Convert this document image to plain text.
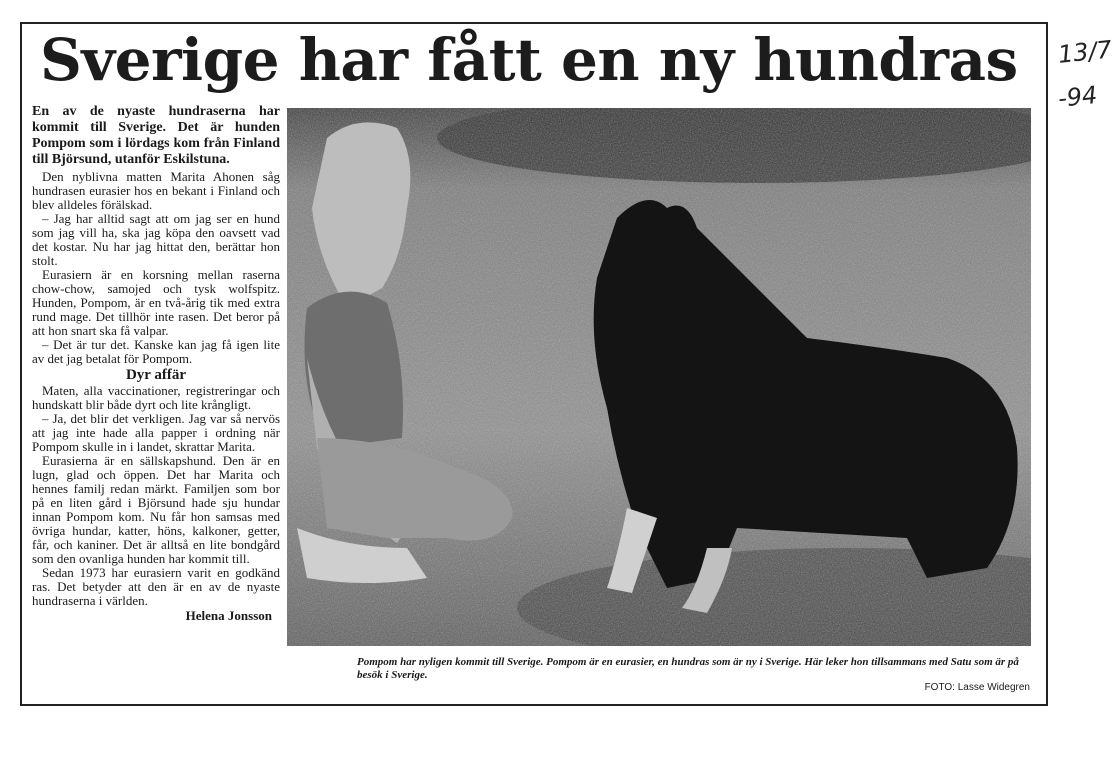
Sverige har fått en ny hundras 13/7
-94

En av de nyaste hundraserna har kommit till Sverige. Det är hunden Pompom som i lördags kom från Finland till Björsund, utanför Eskilstuna.

Den nyblivna matten Marita Ahonen såg hundrasen eurasier hos en bekant i Finland och blev alldeles förälskad.

– Jag har alltid sagt att om jag ser en hund som jag vill ha, ska jag köpa den oavsett vad det kostar. Nu har jag hittat den, berättar hon stolt.

Eurasiern är en korsning mellan raserna chow-chow, samojed och tysk wolfspitz. Hunden, Pompom, är en två-årig tik med extra rund mage. Det tillhör inte rasen. Det beror på att hon snart ska få valpar.

– Det är tur det. Kanske kan jag få igen lite av det jag betalat för Pompom.

Dyr affär

Maten, alla vaccinationer, registreringar och hundskatt blir både dyrt och lite krångligt.

– Ja, det blir det verkligen. Jag var så nervös att jag inte hade alla papper i ordning när Pompom skulle in i landet, skrattar Marita.

Eurasierna är en sällskapshund. Den är en lugn, glad och öppen. Det har Marita och hennes familj redan märkt. Familjen som bor på en liten gård i Björsund hade sju hundar innan Pompom kom. Nu får hon samsas med övriga hundar, katter, höns, kalkoner, getter, får, och kaniner. Det är alltså en lite bondgård som den ovanliga hunden har kommit till.

Sedan 1973 har eurasiern varit en godkänd ras. Det betyder att den är en av de nyaste hundraserna i världen.

Helena Jonsson
Pompom har nyligen kommit till Sverige. Pompom är en eurasier, en hundras som är ny i Sverige. Här leker hon tillsammans med Satu som är på besök i Sverige.
FOTO: Lasse Widegren
